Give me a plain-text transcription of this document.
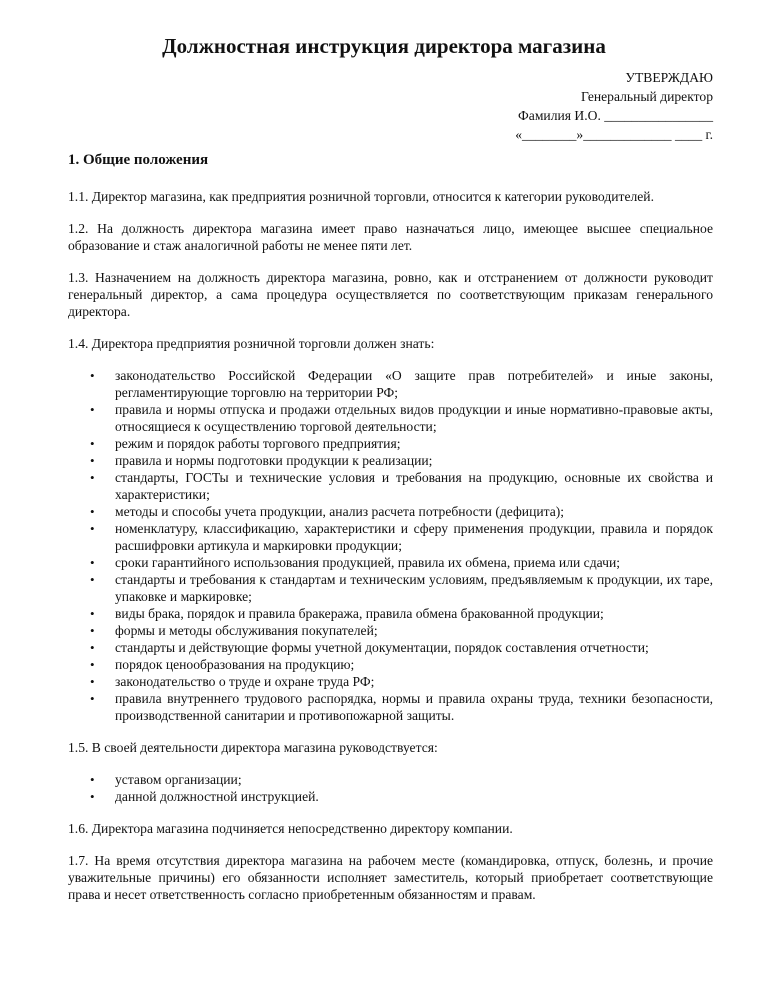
Должностная инструкция директора магазина
УТВЕРЖДАЮ
Генеральный директор
Фамилия И.О. ________________
«________»_____________ ____ г.
1. Общие положения

1.1. Директор магазина, как предприятия розничной торговли, относится к категории руководителей.

1.2. На должность директора магазина имеет право назначаться лицо, имеющее высшее специальное образование и стаж аналогичной работы не менее пяти лет.

1.3. Назначением на должность директора магазина, ровно, как и отстранением от должности руководит генеральный директор, а сама процедура осуществляется по соответствующим приказам генерального директора.

1.4. Директора предприятия розничной торговли должен знать:

• законодательство Российской Федерации «О защите прав потребителей» и иные законы, регламентирующие торговлю на территории РФ;
• правила и нормы отпуска и продажи отдельных видов продукции и иные нормативно-правовые акты, относящиеся к осуществлению торговой деятельности;
• режим и порядок работы торгового предприятия;
• правила и нормы подготовки продукции к реализации;
• стандарты, ГОСТы и технические условия и требования на продукцию, основные их свойства и характеристики;
• методы и способы учета продукции, анализ расчета потребности (дефицита);
• номенклатуру, классификацию, характеристики и сферу применения продукции, правила и порядок расшифровки артикула и маркировки продукции;
• сроки гарантийного использования продукцией, правила их обмена, приема или сдачи;
• стандарты и требования к стандартам и техническим условиям, предъявляемым к продукции, их таре, упаковке и маркировке;
• виды брака, порядок и правила бракеража, правила обмена бракованной продукции;
• формы и методы обслуживания покупателей;
• стандарты и действующие формы учетной документации, порядок составления отчетности;
• порядок ценообразования на продукцию;
• законодательство о труде и охране труда РФ;
• правила внутреннего трудового распорядка, нормы и правила охраны труда, техники безопасности, производственной санитарии и противопожарной защиты.

1.5. В своей деятельности директора магазина руководствуется:

• уставом организации;
• данной должностной инструкцией.

1.6. Директора магазина подчиняется непосредственно директору компании.

1.7. На время отсутствия директора магазина на рабочем месте (командировка, отпуск, болезнь, и прочие уважительные причины) его обязанности исполняет заместитель, который приобретает соответствующие права и несет ответственность согласно приобретенным обязанностям и правам.
